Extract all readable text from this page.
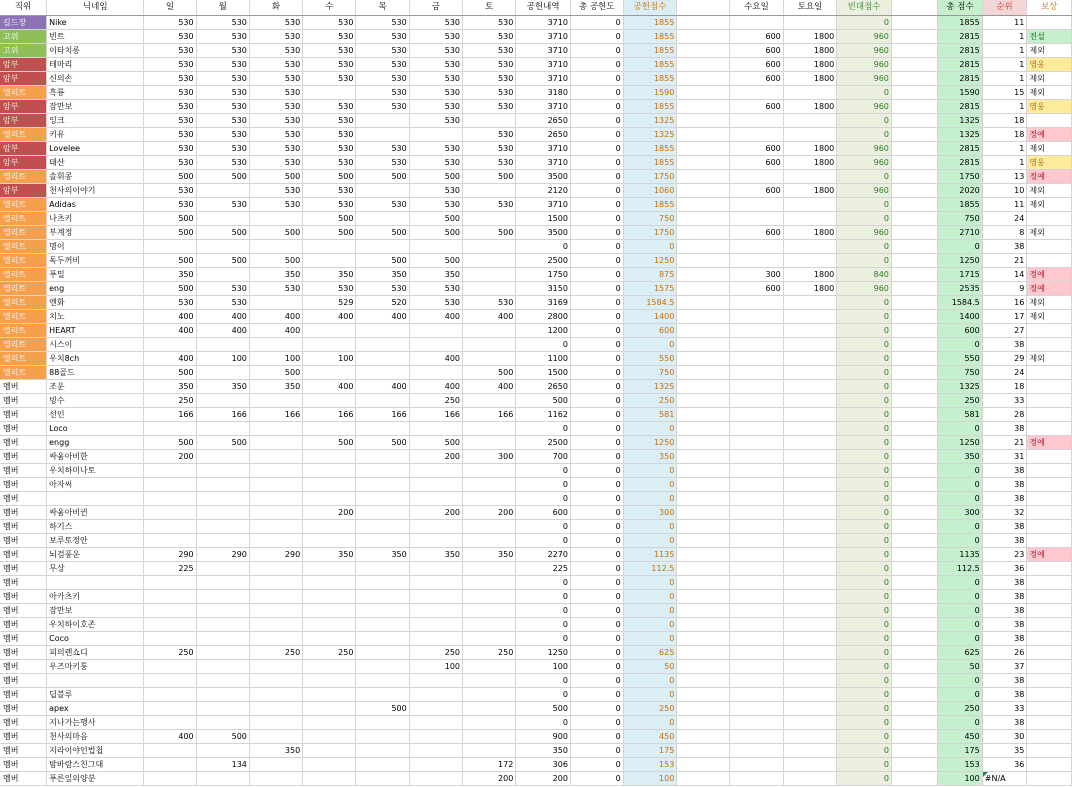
직위	닉네임	일	월	화	수	목	금	토	공헌내역	총 공헌도	공헌점수		수요일	토요일	빈대점수		총 점수	순위	보상
길드장	Nike	530	530	530	530	530	530	530	3710	0	1855				0		1855	11	
고위	빈트	530	530	530	530	530	530	530	3710	0	1855		600	1800	960		2815	1	전설
고위	이타치롱	530	530	530	530	530	530	530	3710	0	1855		600	1800	960		2815	1	제외
암부	테마리	530	530	530	530	530	530	530	3710	0	1855		600	1800	960		2815	1	영웅
암부	신의손	530	530	530	530	530	530	530	3710	0	1855		600	1800	960		2815	1	제외
엘리트	흑룡	530	530	530		530	530	530	3180	0	1590				0		1590	15	제외
암부	잠만보	530	530	530	530	530	530	530	3710	0	1855		600	1800	960		2815	1	영웅
암부	잉크	530	530	530	530		530		2650	0	1325				0		1325	18	
엘리트	키유	530	530	530	530			530	2650	0	1325				0		1325	18	정예
암부	Lovelee	530	530	530	530	530	530	530	3710	0	1855		600	1800	960		2815	1	제외
암부	태산	530	530	530	530	530	530	530	3710	0	1855		600	1800	960		2815	1	영웅
엘리트	솔휘콩	500	500	500	500	500	500	500	3500	0	1750				0		1750	13	정예
암부	천사의이야기	530		530	530		530		2120	0	1060		600	1800	960		2020	10	제외
엘리트	Adidas	530	530	530	530	530	530	530	3710	0	1855				0		1855	11	제외
엘리트	나츠키	500			500		500		1500	0	750				0		750	24	
엘리트	부계정	500	500	500	500	500	500	500	3500	0	1750		600	1800	960		2710	8	제외
엘리트	명이								0	0	0				0		0	38	
엘리트	독두꺼비	500	500	500		500	500		2500	0	1250				0		1250	21	
엘리트	푸밀	350		350	350	350	350		1750	0	875		300	1800	840		1715	14	정예
엘리트	eng	500	530	530	530	530	530		3150	0	1575		600	1800	960		2535	9	정예
엘리트	엔화	530	530		529	520	530	530	3169	0	1584.5				0		1584.5	16	제외
엘리트	치노	400	400	400	400	400	400	400	2800	0	1400				0		1400	17	제외
엘리트	HEART	400	400	400					1200	0	600				0		600	27	
엘리트	시스이								0	0	0				0		0	38	
엘리트	우치8ch	400	100	100	100		400		1100	0	550				0		550	29	제외
엘리트	88골드	500		500				500	1500	0	750				0		750	24	
멤버	조운	350	350	350	400	400	400	400	2650	0	1325				0		1325	18	
멤버	빙수	250					250		500	0	250				0		250	33	
멤버	선인	166	166	166	166	166	166	166	1162	0	581				0		581	28	
멤버	Loco								0	0	0				0		0	38	
멤버	engg	500	500		500	500	500		2500	0	1250				0		1250	21	정예
멤버	싸움아비한	200					200	300	700	0	350				0		350	31	
멤버	우치하미나토								0	0	0				0		0	38	
멤버	아자씨								0	0	0				0		0	38	
멤버									0	0	0				0		0	38	
멤버	싸움아비귄				200		200	200	600	0	300				0		300	32	
멤버	하기스								0	0	0				0		0	38	
멤버	보루토정안								0	0	0				0		0	38	
멤버	뇌검풍운	290	290	290	350	350	350	350	2270	0	1135				0		1135	23	정예
멤버	무상	225							225	0	112.5				0		112.5	36	
멤버									0	0	0				0		0	38	
멤버	아카츠키								0	0	0				0		0	38	
멤버	잠만보								0	0	0				0		0	38	
멤버	우치하이호존								0	0	0				0		0	38	
멤버	Coco								0	0	0				0		0	38	
멤버	피의렌쇼디	250		250	250		250	250	1250	0	625				0		625	26	
멤버	우즈마키퉁						100		100	0	50				0		50	37	
멤버									0	0	0				0		0	38	
멤버	딥블루								0	0	0				0		0	38	
멤버	apex					500			500	0	250				0		250	33	
멤버	지나가는행사								0	0	0				0		0	38	
멤버	천사의마음	400	500						900	0	450				0		450	30	
멤버	지라이야인법첩			350					350	0	175				0		175	35	
멤버	밤바람스친그대		134					172	306	0	153				0		153	36	
멤버	푸른잎의양분							200	200	0	100				0		100	#N/A	
